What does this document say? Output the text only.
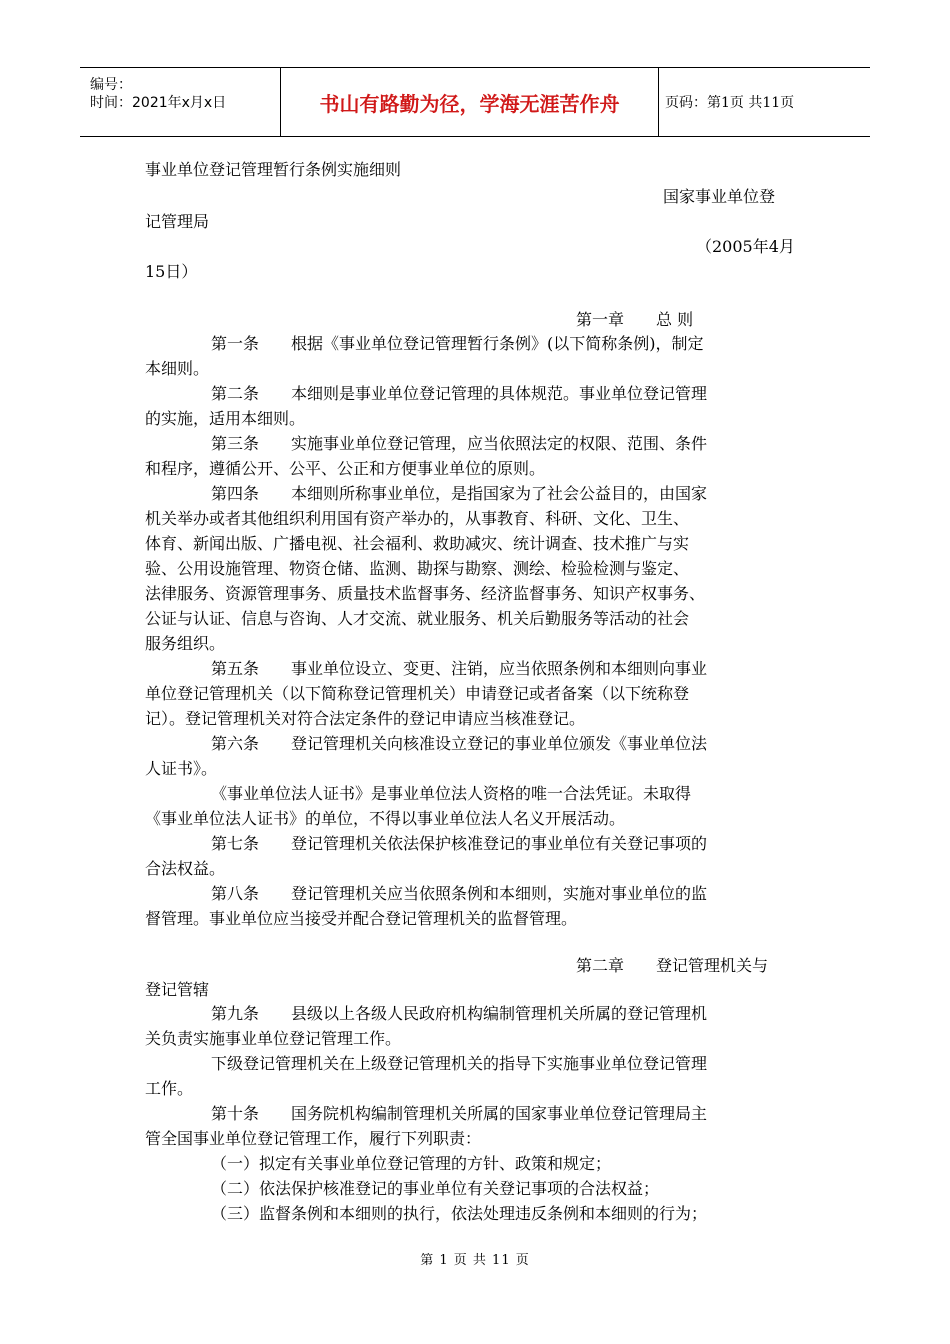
编号：
时间：2021年x月x日	书山有路勤为径，学海无涯苦作舟	页码：第1页 共11页
事业单位登记管理暂行条例实施细则
国家事业单位登
记管理局
（2005年4月
15日）
第一章　　总 则
第一条　　根据《事业单位登记管理暂行条例》(以下简称条例)，制定
本细则。
第二条　　本细则是事业单位登记管理的具体规范。事业单位登记管理
的实施，适用本细则。
第三条　　实施事业单位登记管理，应当依照法定的权限、范围、条件
和程序，遵循公开、公平、公正和方便事业单位的原则。
第四条　　本细则所称事业单位，是指国家为了社会公益目的，由国家
机关举办或者其他组织利用国有资产举办的，从事教育、科研、文化、卫生、
体育、新闻出版、广播电视、社会福利、救助减灾、统计调查、技术推广与实
验、公用设施管理、物资仓储、监测、勘探与勘察、测绘、检验检测与鉴定、
法律服务、资源管理事务、质量技术监督事务、经济监督事务、知识产权事务、
公证与认证、信息与咨询、人才交流、就业服务、机关后勤服务等活动的社会
服务组织。
第五条　　事业单位设立、变更、注销，应当依照条例和本细则向事业
单位登记管理机关（以下简称登记管理机关）申请登记或者备案（以下统称登
记）。登记管理机关对符合法定条件的登记申请应当核准登记。
第六条　　登记管理机关向核准设立登记的事业单位颁发《事业单位法
人证书》。
《事业单位法人证书》是事业单位法人资格的唯一合法凭证。未取得
《事业单位法人证书》的单位，不得以事业单位法人名义开展活动。
第七条　　登记管理机关依法保护核准登记的事业单位有关登记事项的
合法权益。
第八条　　登记管理机关应当依照条例和本细则，实施对事业单位的监
督管理。事业单位应当接受并配合登记管理机关的监督管理。
第二章　　登记管理机关与
登记管辖
第九条　　县级以上各级人民政府机构编制管理机关所属的登记管理机
关负责实施事业单位登记管理工作。
下级登记管理机关在上级登记管理机关的指导下实施事业单位登记管理
工作。
第十条　　国务院机构编制管理机关所属的国家事业单位登记管理局主
管全国事业单位登记管理工作，履行下列职责：
（一）拟定有关事业单位登记管理的方针、政策和规定；
（二）依法保护核准登记的事业单位有关登记事项的合法权益；
（三）监督条例和本细则的执行，依法处理违反条例和本细则的行为；
第 1 页 共 11 页
